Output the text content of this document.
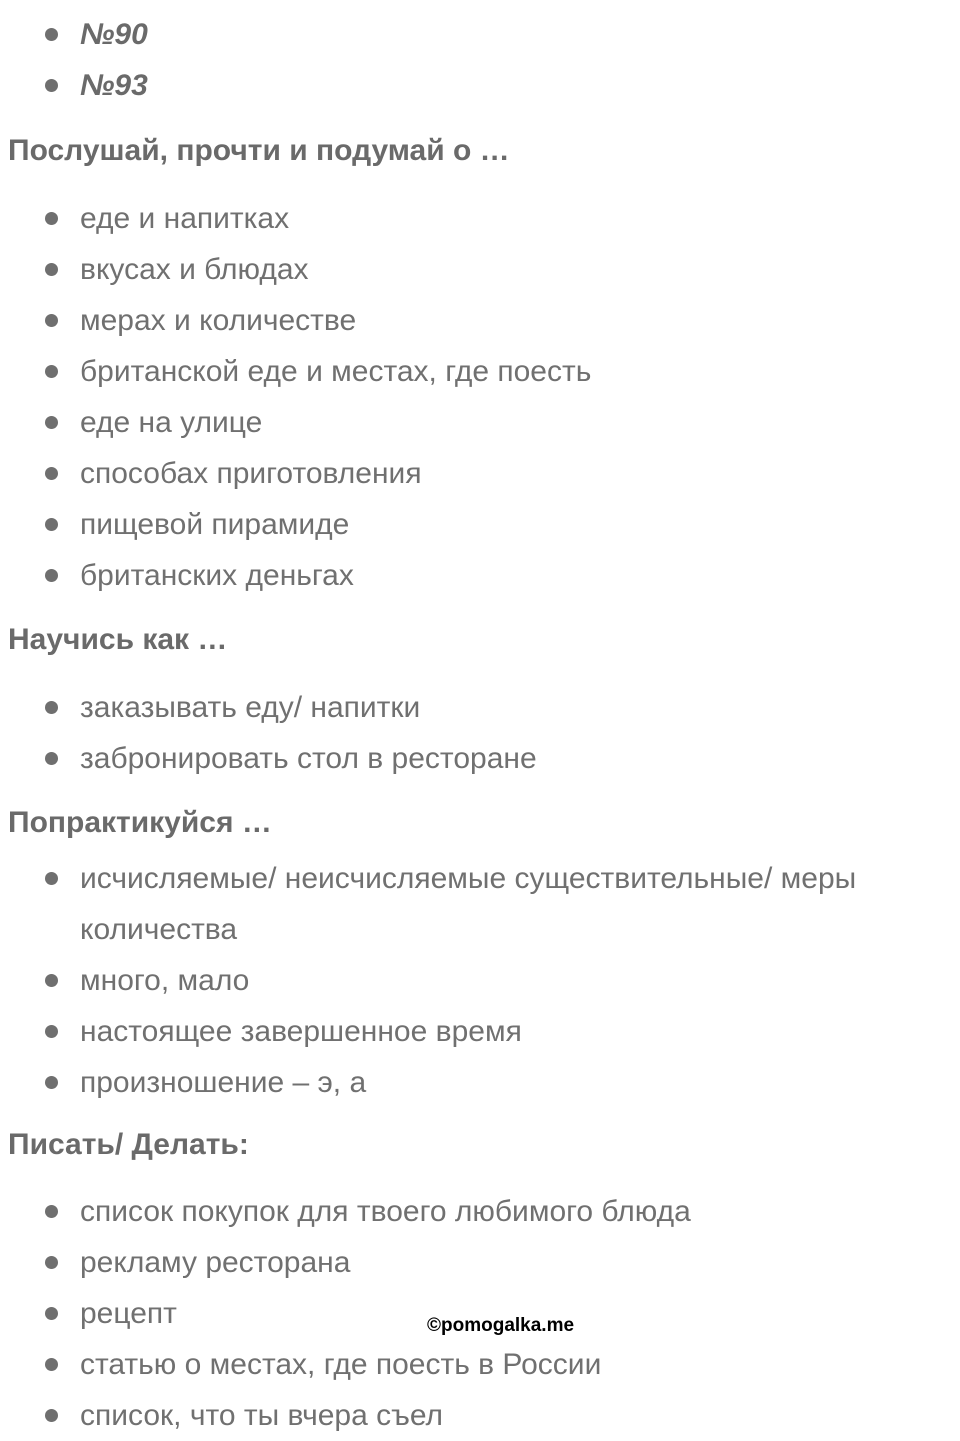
№90
№93
Послушай, прочти и подумай о …
еде и напитках
вкусах и блюдах
мерах и количестве
британской еде и местах, где поесть
еде на улице
способах приготовления
пищевой пирамиде
британских деньгах
Научись как …
заказывать еду/ напитки
забронировать стол в ресторане
Попрактикуйся …
исчисляемые/ неисчисляемые существительные/ меры количества
много, мало
настоящее завершенное время
произношение – э, а
Писать/ Делать:
список покупок для твоего любимого блюда
рекламу ресторана
рецепт
статью о местах, где поесть в России
список, что ты вчера съел
©pomogalka.me
